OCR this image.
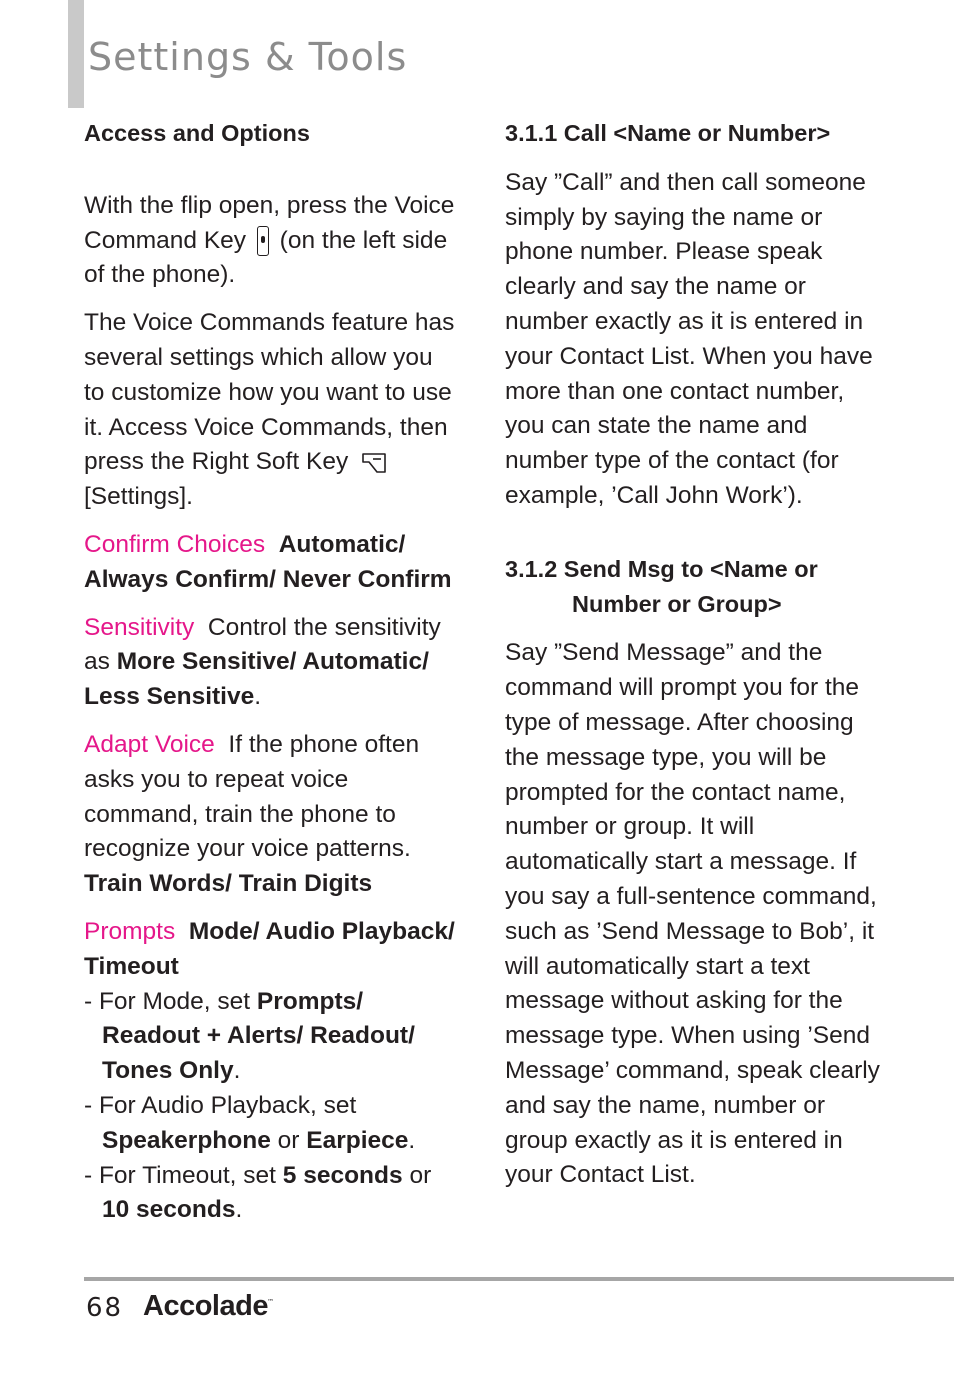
Settings & Tools

Access and Options

With the flip open, press the Voice Command Key (on the left side of the phone).

The Voice Commands feature has several settings which allow you to customize how you want to use it. Access Voice Commands, then press the Right Soft Key
[Settings].

Confirm Choices Automatic/ Always Confirm/ Never Confirm

Sensitivity Control the sensitivity as More Sensitive/ Automatic/ Less Sensitive.

Adapt Voice If the phone often asks you to repeat voice command, train the phone to recognize your voice patterns.

Train Words/ Train Digits

Prompts Mode/ Audio Playback/ Timeout

- For Mode, set Prompts/ Readout + Alerts/ Readout/ Tones Only.

- For Audio Playback, set Speakerphone or Earpiece.

- For Timeout, set 5 seconds or 10 seconds.

3.1.1 Call <Name or Number>

Say ”Call” and then call someone simply by saying the name or phone number. Please speak clearly and say the name or number exactly as it is entered in your Contact List. When you have more than one contact number, you can state the name and number type of the contact (for example, ’Call John Work’).

3.1.2 Send Msg to <Name or

Number or Group>

Say ”Send Message” and the command will prompt you for the type of message. After choosing the message type, you will be prompted for the contact name, number or group. It will automatically start a message. If you say a full-sentence command, such as ’Send Message to Bob’, it will automatically start a text message without asking for the message type. When using ’Send Message’ command, speak clearly and say the name, number or group exactly as it is entered in your Contact List.

68 Accolade ™
